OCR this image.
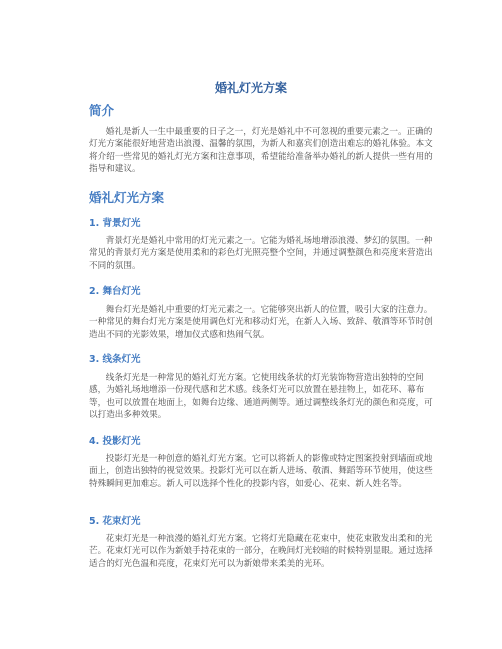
婚礼灯光方案
简介

婚礼是新人一生中最重要的日子之一，灯光是婚礼中不可忽视的重要元素之一。正确的灯光方案能很好地营造出浪漫、温馨的氛围，为新人和嘉宾们创造出难忘的婚礼体验。本文将介绍一些常见的婚礼灯光方案和注意事项，希望能给准备举办婚礼的新人提供一些有用的指导和建议。

婚礼灯光方案
1. 背景灯光

背景灯光是婚礼中常用的灯光元素之一。它能为婚礼场地增添浪漫、梦幻的氛围。一种常见的背景灯光方案是使用柔和的彩色灯光照亮整个空间，并通过调整颜色和亮度来营造出不同的氛围。

2. 舞台灯光

舞台灯光是婚礼中重要的灯光元素之一。它能够突出新人的位置，吸引大家的注意力。一种常见的舞台灯光方案是使用调色灯光和移动灯光，在新人入场、致辞、敬酒等环节时创造出不同的光影效果，增加仪式感和热闹气氛。

3. 线条灯光

线条灯光是一种常见的婚礼灯光方案。它使用线条状的灯光装饰物营造出独特的空间感，为婚礼场地增添一份现代感和艺术感。线条灯光可以放置在悬挂物上，如花环、幕布等，也可以放置在地面上，如舞台边缘、通道两侧等。通过调整线条灯光的颜色和亮度，可以打造出多种效果。

4. 投影灯光

投影灯光是一种创意的婚礼灯光方案。它可以将新人的影像或特定图案投射到墙面或地面上，创造出独特的视觉效果。投影灯光可以在新人进场、敬酒、舞蹈等环节使用，使这些特殊瞬间更加难忘。新人可以选择个性化的投影内容，如爱心、花束、新人姓名等。

5. 花束灯光

花束灯光是一种浪漫的婚礼灯光方案。它将灯光隐藏在花束中，使花束散发出柔和的光芒。花束灯光可以作为新娘手持花束的一部分，在晚间灯光较暗的时候特别显眼。通过选择适合的灯光色温和亮度，花束灯光可以为新娘带来柔美的光环。
